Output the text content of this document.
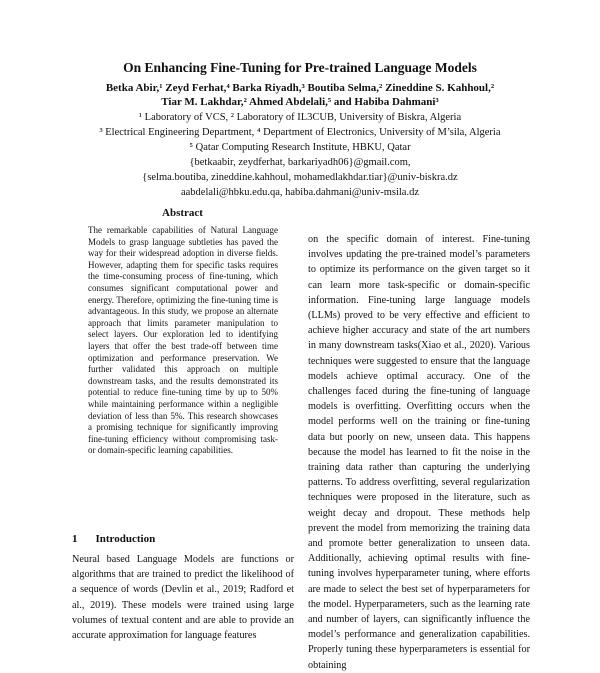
On Enhancing Fine-Tuning for Pre-trained Language Models
Betka Abir,¹ Zeyd Ferhat,⁴ Barka Riyadh,³ Boutiba Selma,² Zineddine S. Kahhoul,²
Tiar M. Lakhdar,² Ahmed Abdelali,⁵ and Habiba Dahmani³
¹ Laboratory of VCS, ² Laboratory of IL3CUB, University of Biskra, Algeria
³ Electrical Engineering Department, ⁴ Department of Electronics, University of M’sila, Algeria
⁵ Qatar Computing Research Institute, HBKU, Qatar
{betkaabir, zeydferhat, barkariyadh06}@gmail.com,
{selma.boutiba, zineddine.kahhoul, mohamedlakhdar.tiar}@univ-biskra.dz
aabdelali@hbku.edu.qa, habiba.dahmani@univ-msila.dz
Abstract

The remarkable capabilities of Natural Language Models to grasp language subtleties has paved the way for their widespread adoption in diverse fields. However, adapting them for specific tasks requires the time-consuming process of fine-tuning, which consumes significant computational power and energy. Therefore, optimizing the fine-tuning time is advantageous. In this study, we propose an alternate approach that limits parameter manipulation to select layers. Our exploration led to identifying layers that offer the best trade-off between time optimization and performance preservation. We further validated this approach on multiple downstream tasks, and the results demonstrated its potential to reduce fine-tuning time by up to 50% while maintaining performance within a negligible deviation of less than 5%. This research showcases a promising technique for significantly improving fine-tuning efficiency without compromising task- or domain-specific learning capabilities.

1 Introduction

Neural based Language Models are functions or algorithms that are trained to predict the likelihood of a sequence of words (Devlin et al., 2019; Radford et al., 2019). These models were trained using large volumes of textual content and are able to provide an accurate approximation for language features

on the specific domain of interest. Fine-tuning involves updating the pre-trained model’s parameters to optimize its performance on the given target so it can learn more task-specific or domain-specific information. Fine-tuning large language models (LLMs) proved to be very effective and efficient to achieve higher accuracy and state of the art numbers in many downstream tasks(Xiao et al., 2020). Various techniques were suggested to ensure that the language models achieve optimal accuracy. One of the challenges faced during the fine-tuning of language models is overfitting. Overfitting occurs when the model performs well on the training or fine-tuning data but poorly on new, unseen data. This happens because the model has learned to fit the noise in the training data rather than capturing the underlying patterns. To address overfitting, several regularization techniques were proposed in the literature, such as weight decay and dropout. These methods help prevent the model from memorizing the training data and promote better generalization to unseen data. Additionally, achieving optimal results with fine-tuning involves hyperparameter tuning, where efforts are made to select the best set of hyperparameters for the model. Hyperparameters, such as the learning rate and number of layers, can significantly influence the model’s performance and generalization capabilities. Properly tuning these hyperparameters is essential for obtaining
